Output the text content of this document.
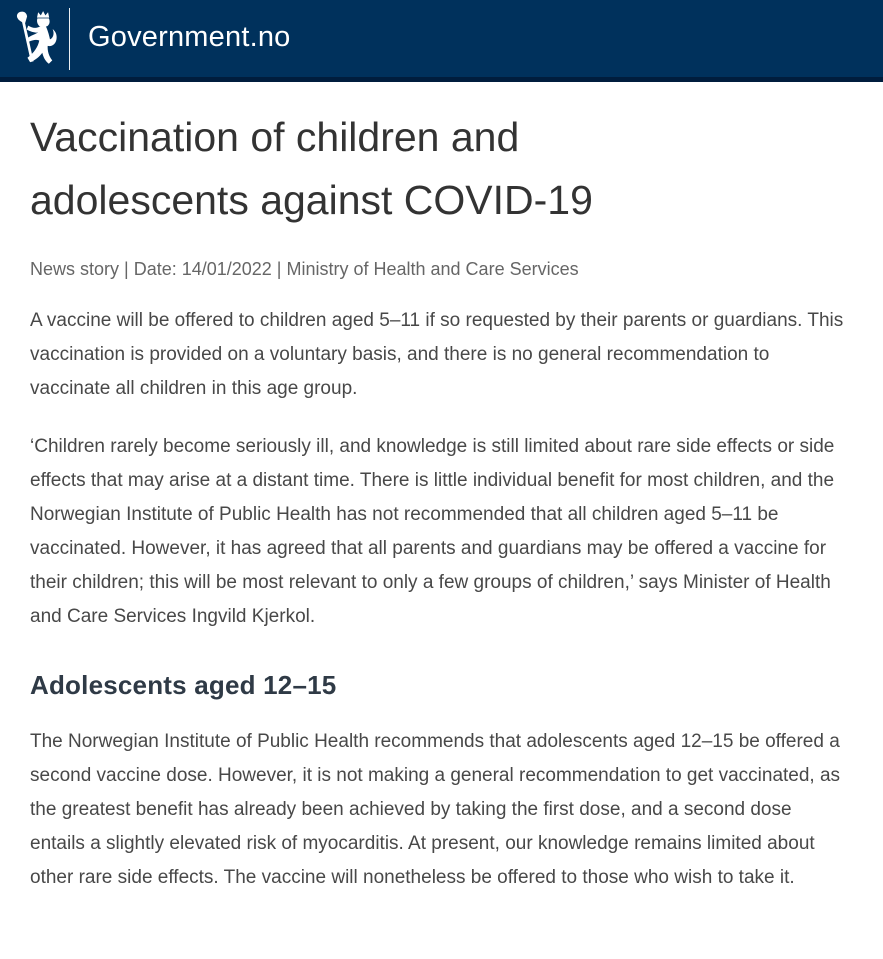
Government.no
Vaccination of children and adolescents against COVID-19
News story | Date: 14/01/2022 | Ministry of Health and Care Services

A vaccine will be offered to children aged 5–11 if so requested by their parents or guardians. This vaccination is provided on a voluntary basis, and there is no general recommendation to vaccinate all children in this age group.

‘Children rarely become seriously ill, and knowledge is still limited about rare side effects or side effects that may arise at a distant time. There is little individual benefit for most children, and the Norwegian Institute of Public Health has not recommended that all children aged 5–11 be vaccinated. However, it has agreed that all parents and guardians may be offered a vaccine for their children; this will be most relevant to only a few groups of children,’ says Minister of Health and Care Services Ingvild Kjerkol.

Adolescents aged 12–15

The Norwegian Institute of Public Health recommends that adolescents aged 12–15 be offered a second vaccine dose. However, it is not making a general recommendation to get vaccinated, as the greatest benefit has already been achieved by taking the first dose, and a second dose entails a slightly elevated risk of myocarditis. At present, our knowledge remains limited about other rare side effects. The vaccine will nonetheless be offered to those who wish to take it.
